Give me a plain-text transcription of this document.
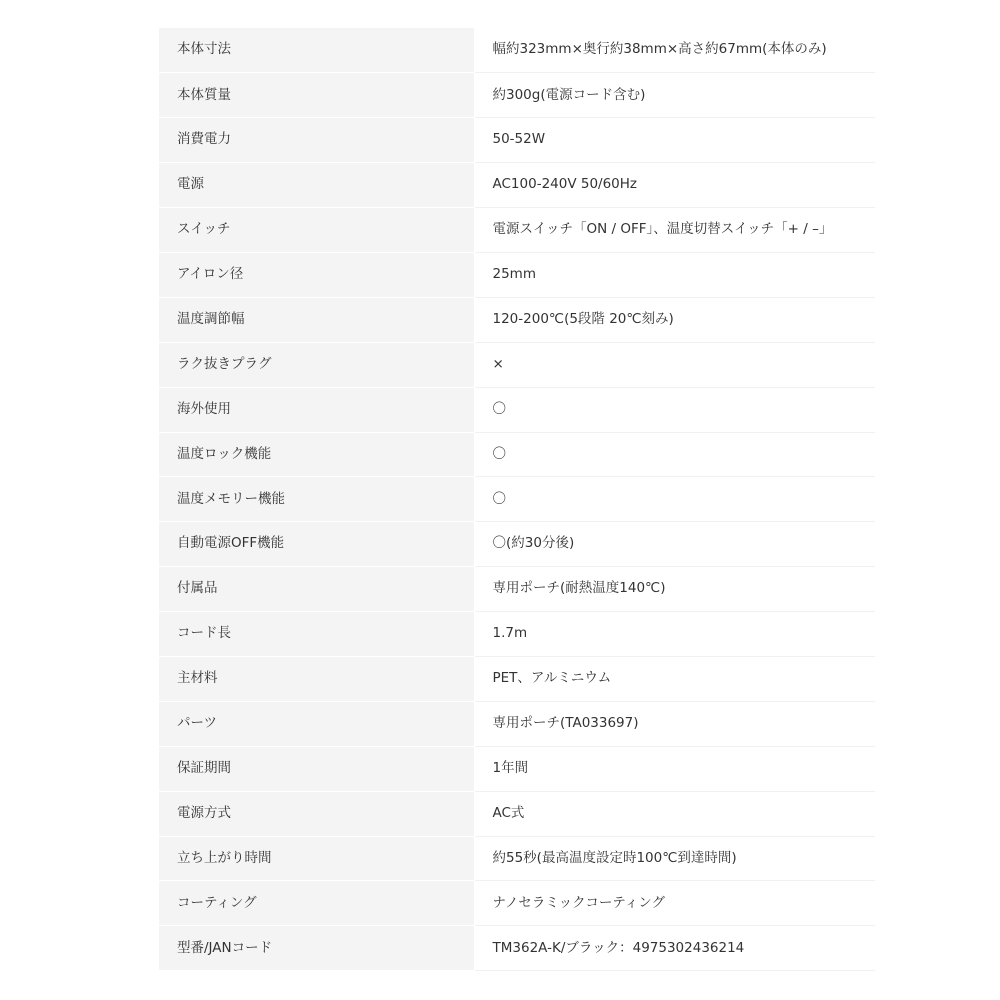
本体寸法	幅約323mm×奥行約38mm×高さ約67mm(本体のみ)
本体質量	約300g(電源コード含む)
消費電力	50-52W
電源	AC100-240V 50/60Hz
スイッチ	電源スイッチ「ON / OFF」、温度切替スイッチ「+ / –」
アイロン径	25mm
温度調節幅	120-200℃(5段階 20℃刻み)
ラク抜きプラグ	×
海外使用	〇
温度ロック機能	〇
温度メモリー機能	〇
自動電源OFF機能	〇(約30分後)
付属品	専用ポーチ(耐熱温度140℃)
コード長	1.7m
主材料	PET、アルミニウム
パーツ	専用ポーチ(TA033697)
保証期間	1年間
電源方式	AC式
立ち上がり時間	約55秒(最高温度設定時100℃到達時間)
コーティング	ナノセラミックコーティング
型番/JANコード	TM362A-K/ブラック：4975302436214
